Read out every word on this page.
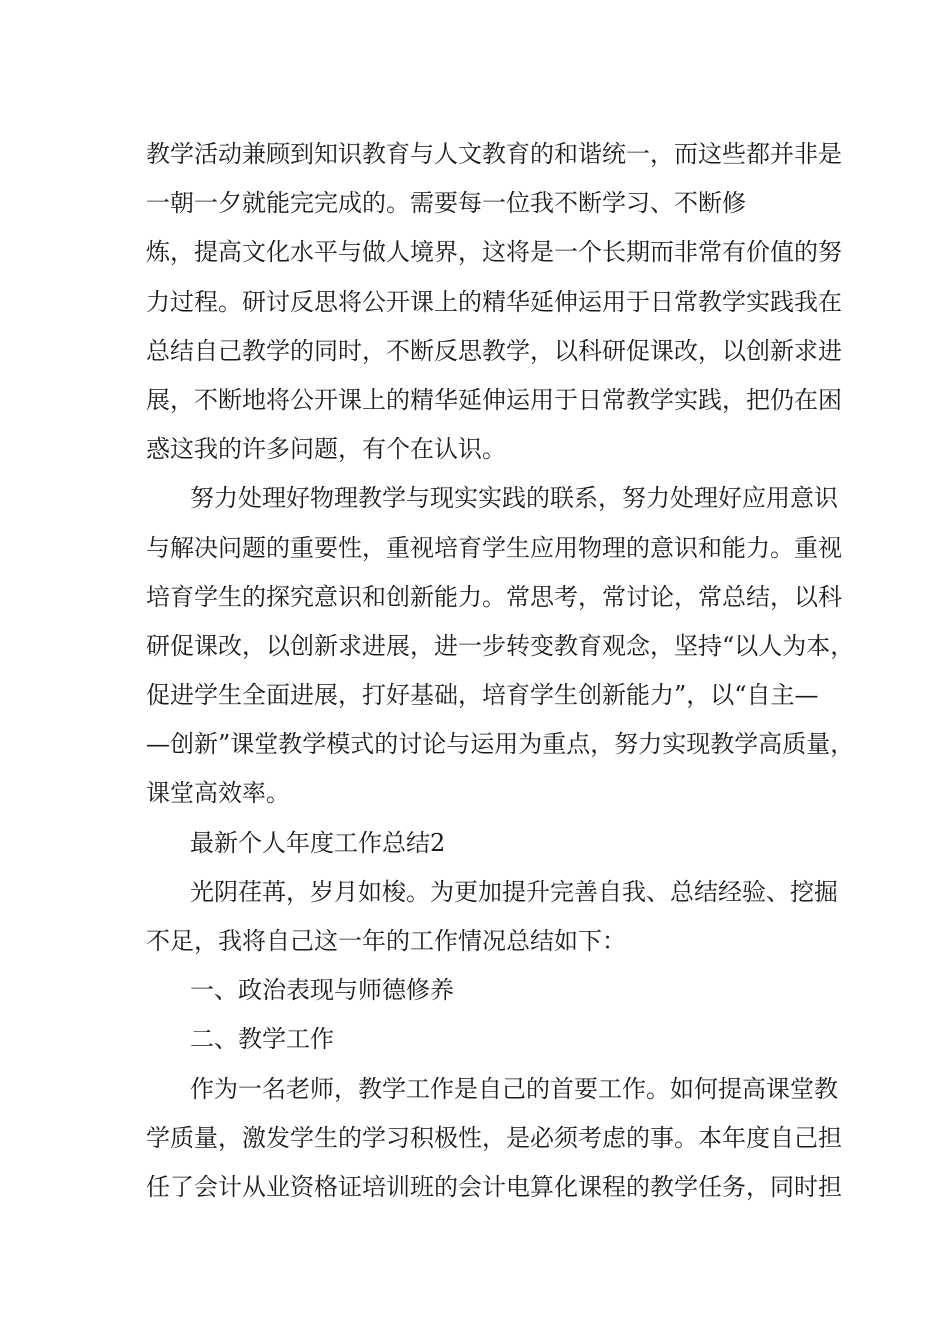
教学活动兼顾到知识教育与人文教育的和谐统一，而这些都并非是
一朝一夕就能完完成的。需要每一位我不断学习、不断修
炼，提高文化水平与做人境界，这将是一个长期而非常有价值的努
力过程。研讨反思将公开课上的精华延伸运用于日常教学实践我在
总结自己教学的同时，不断反思教学，以科研促课改，以创新求进
展，不断地将公开课上的精华延伸运用于日常教学实践，把仍在困
惑这我的许多问题，有个在认识。
努力处理好物理教学与现实实践的联系，努力处理好应用意识
与解决问题的重要性，重视培育学生应用物理的意识和能力。重视
培育学生的探究意识和创新能力。常思考，常讨论，常总结，以科
研促课改，以创新求进展，进一步转变教育观念，坚持“以人为本，
促进学生全面进展，打好基础，培育学生创新能力”，以“自主—
—创新”课堂教学模式的讨论与运用为重点，努力实现教学高质量，
课堂高效率。
最新个人年度工作总结2
光阴荏苒，岁月如梭。为更加提升完善自我、总结经验、挖掘
不足，我将自己这一年的工作情况总结如下：
一、政治表现与师德修养
二、教学工作
作为一名老师，教学工作是自己的首要工作。如何提高课堂教
学质量，激发学生的学习积极性，是必须考虑的事。本年度自己担
任了会计从业资格证培训班的会计电算化课程的教学任务，同时担
